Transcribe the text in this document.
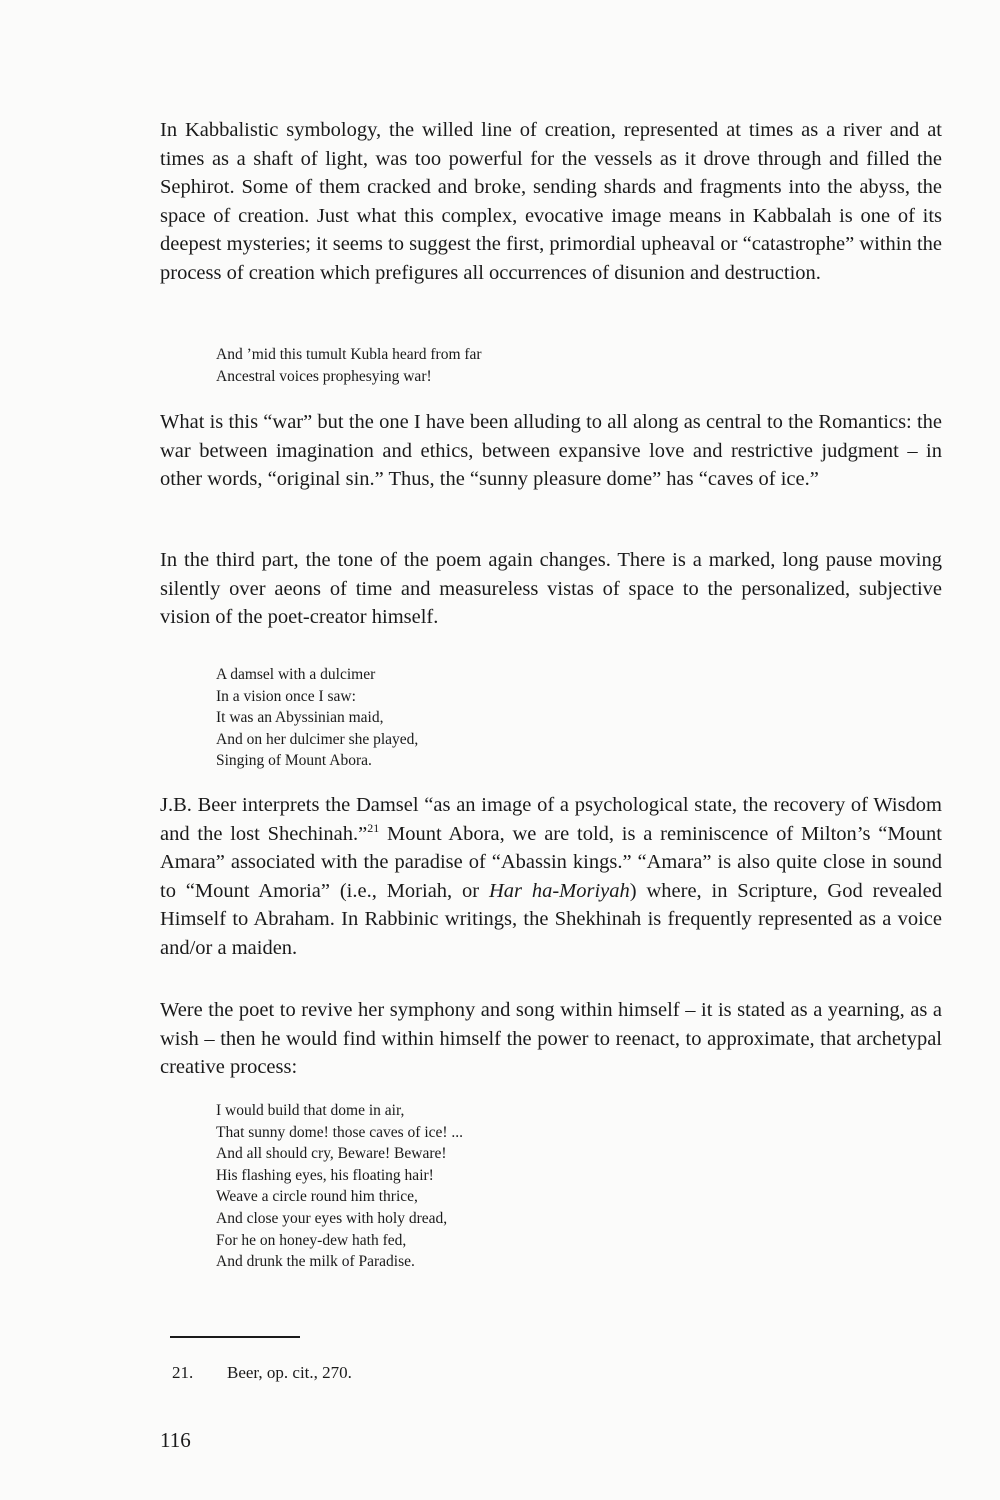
In Kabbalistic symbology, the willed line of creation, represented at times as a river and at times as a shaft of light, was too powerful for the vessels as it drove through and filled the Sephirot. Some of them cracked and broke, sending shards and fragments into the abyss, the space of creation. Just what this complex, evocative image means in Kabbalah is one of its deepest mysteries; it seems to suggest the first, primordial upheaval or “catastrophe” within the process of creation which prefigures all occurrences of disunion and destruction.

And ’mid this tumult Kubla heard from far
Ancestral voices prophesying war!

What is this “war” but the one I have been alluding to all along as central to the Romantics: the war between imagination and ethics, between expansive love and restrictive judgment – in other words, “original sin.” Thus, the “sunny pleasure dome” has “caves of ice.”

In the third part, the tone of the poem again changes. There is a marked, long pause moving silently over aeons of time and measureless vistas of space to the personalized, subjective vision of the poet-creator himself.

A damsel with a dulcimer
In a vision once I saw:
It was an Abyssinian maid,
And on her dulcimer she played,
Singing of Mount Abora.

J.B. Beer interprets the Damsel “as an image of a psychological state, the recovery of Wisdom and the lost Shechinah.”$^{21}$ Mount Abora, we are told, is a reminiscence of Milton’s “Mount Amara” associated with the paradise of “Abassin kings.” “Amara” is also quite close in sound to “Mount Amoria” (i.e., Moriah, or Har ha-Moriyah) where, in Scripture, God revealed Himself to Abraham. In Rabbinic writings, the Shekhinah is frequently represented as a voice and/or a maiden.

Were the poet to revive her symphony and song within himself – it is stated as a yearning, as a wish – then he would find within himself the power to reenact, to approximate, that archetypal creative process:

I would build that dome in air,
That sunny dome! those caves of ice! ...
And all should cry, Beware! Beware!
His flashing eyes, his floating hair!
Weave a circle round him thrice,
And close your eyes with holy dread,
For he on honey-dew hath fed,
And drunk the milk of Paradise.
21. Beer, op. cit., 270.
116
